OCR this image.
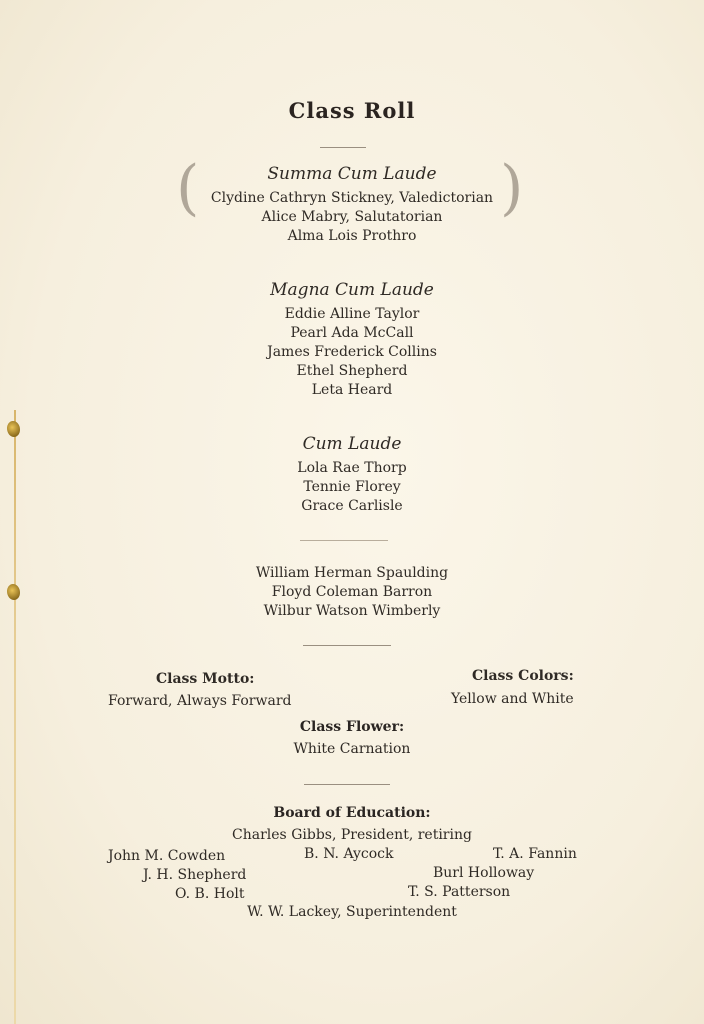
Class Roll
(	)
Summa Cum Laude
Clydine Cathryn Stickney, Valedictorian
Alice Mabry, Salutatorian
Alma Lois Prothro
Magna Cum Laude
Eddie Alline Taylor
Pearl Ada McCall
James Frederick Collins
Ethel Shepherd
Leta Heard
Cum Laude
Lola Rae Thorp
Tennie Florey
Grace Carlisle
William Herman Spaulding
Floyd Coleman Barron
Wilbur Watson Wimberly
Class Motto:
Forward, Always Forward
Class Colors:
Yellow and White
Class Flower:
White Carnation
Board of Education:
Charles Gibbs, President, retiring
John M. Cowden	B. N. Aycock	T. A. Fannin
J. H. Shepherd	Burl Holloway
O. B. Holt	T. S. Patterson
W. W. Lackey, Superintendent
